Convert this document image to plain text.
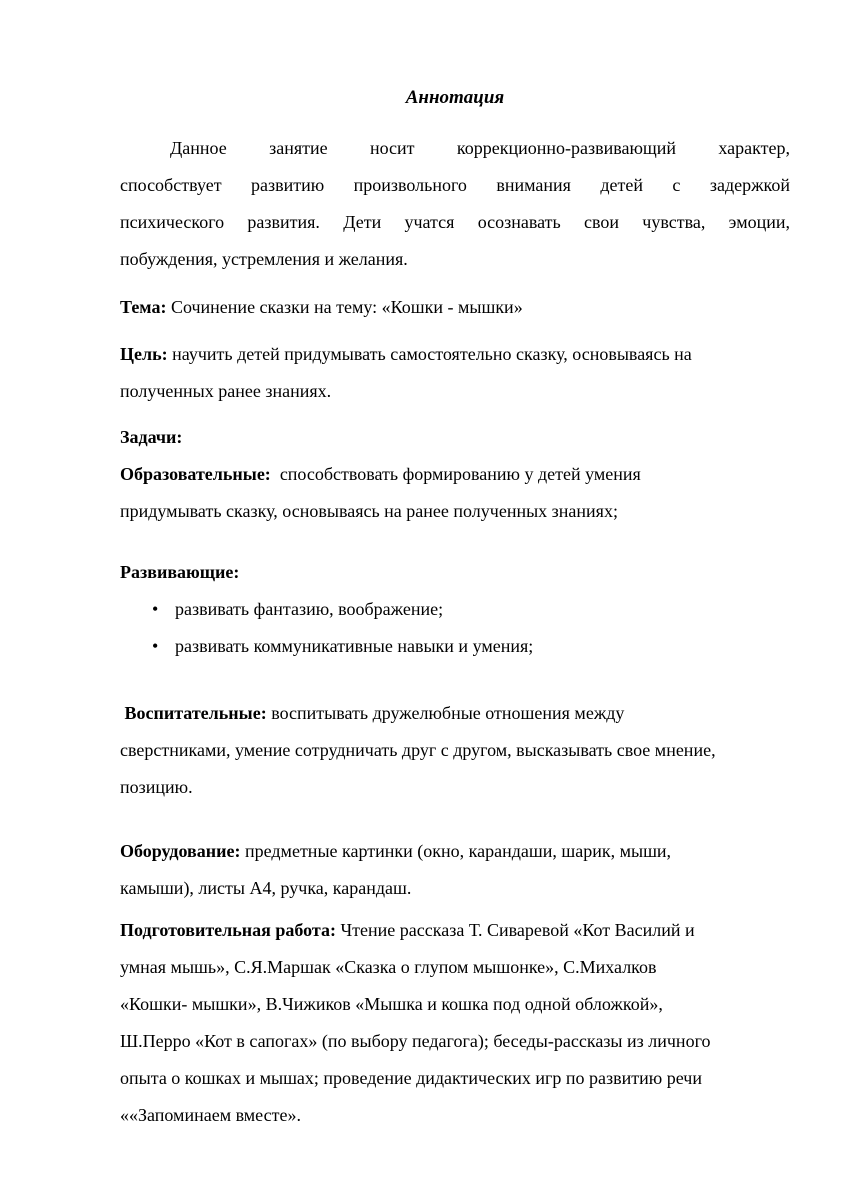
Аннотация
Данное занятие носит коррекционно-развивающий характер,
способствует развитию произвольного внимания детей с задержкой
психического развития. Дети учатся осознавать свои чувства, эмоции,
побуждения, устремления и желания.
Тема: Сочинение сказки на тему: «Кошки - мышки»
Цель: научить детей придумывать самостоятельно сказку, основываясь на
полученных ранее знаниях.
Задачи:
Образовательные:  способствовать формированию у детей умения
придумывать сказку, основываясь на ранее полученных знаниях;
Развивающие:
• развивать фантазию, воображение;
• развивать коммуникативные навыки и умения;
Воспитательные: воспитывать дружелюбные отношения между
сверстниками, умение сотрудничать друг с другом, высказывать свое мнение,
позицию.
Оборудование: предметные картинки (окно, карандаши, шарик, мыши,
камыши), листы А4, ручка, карандаш.
Подготовительная работа: Чтение рассказа Т. Сиваревой «Кот Василий и
умная мышь», С.Я.Маршак «Сказка о глупом мышонке», С.Михалков
«Кошки- мышки», В.Чижиков «Мышка и кошка под одной обложкой»,
Ш.Перро «Кот в сапогах» (по выбору педагога); беседы-рассказы из личного
опыта о кошках и мышах; проведение дидактических игр по развитию речи
««Запоминаем вместе».
